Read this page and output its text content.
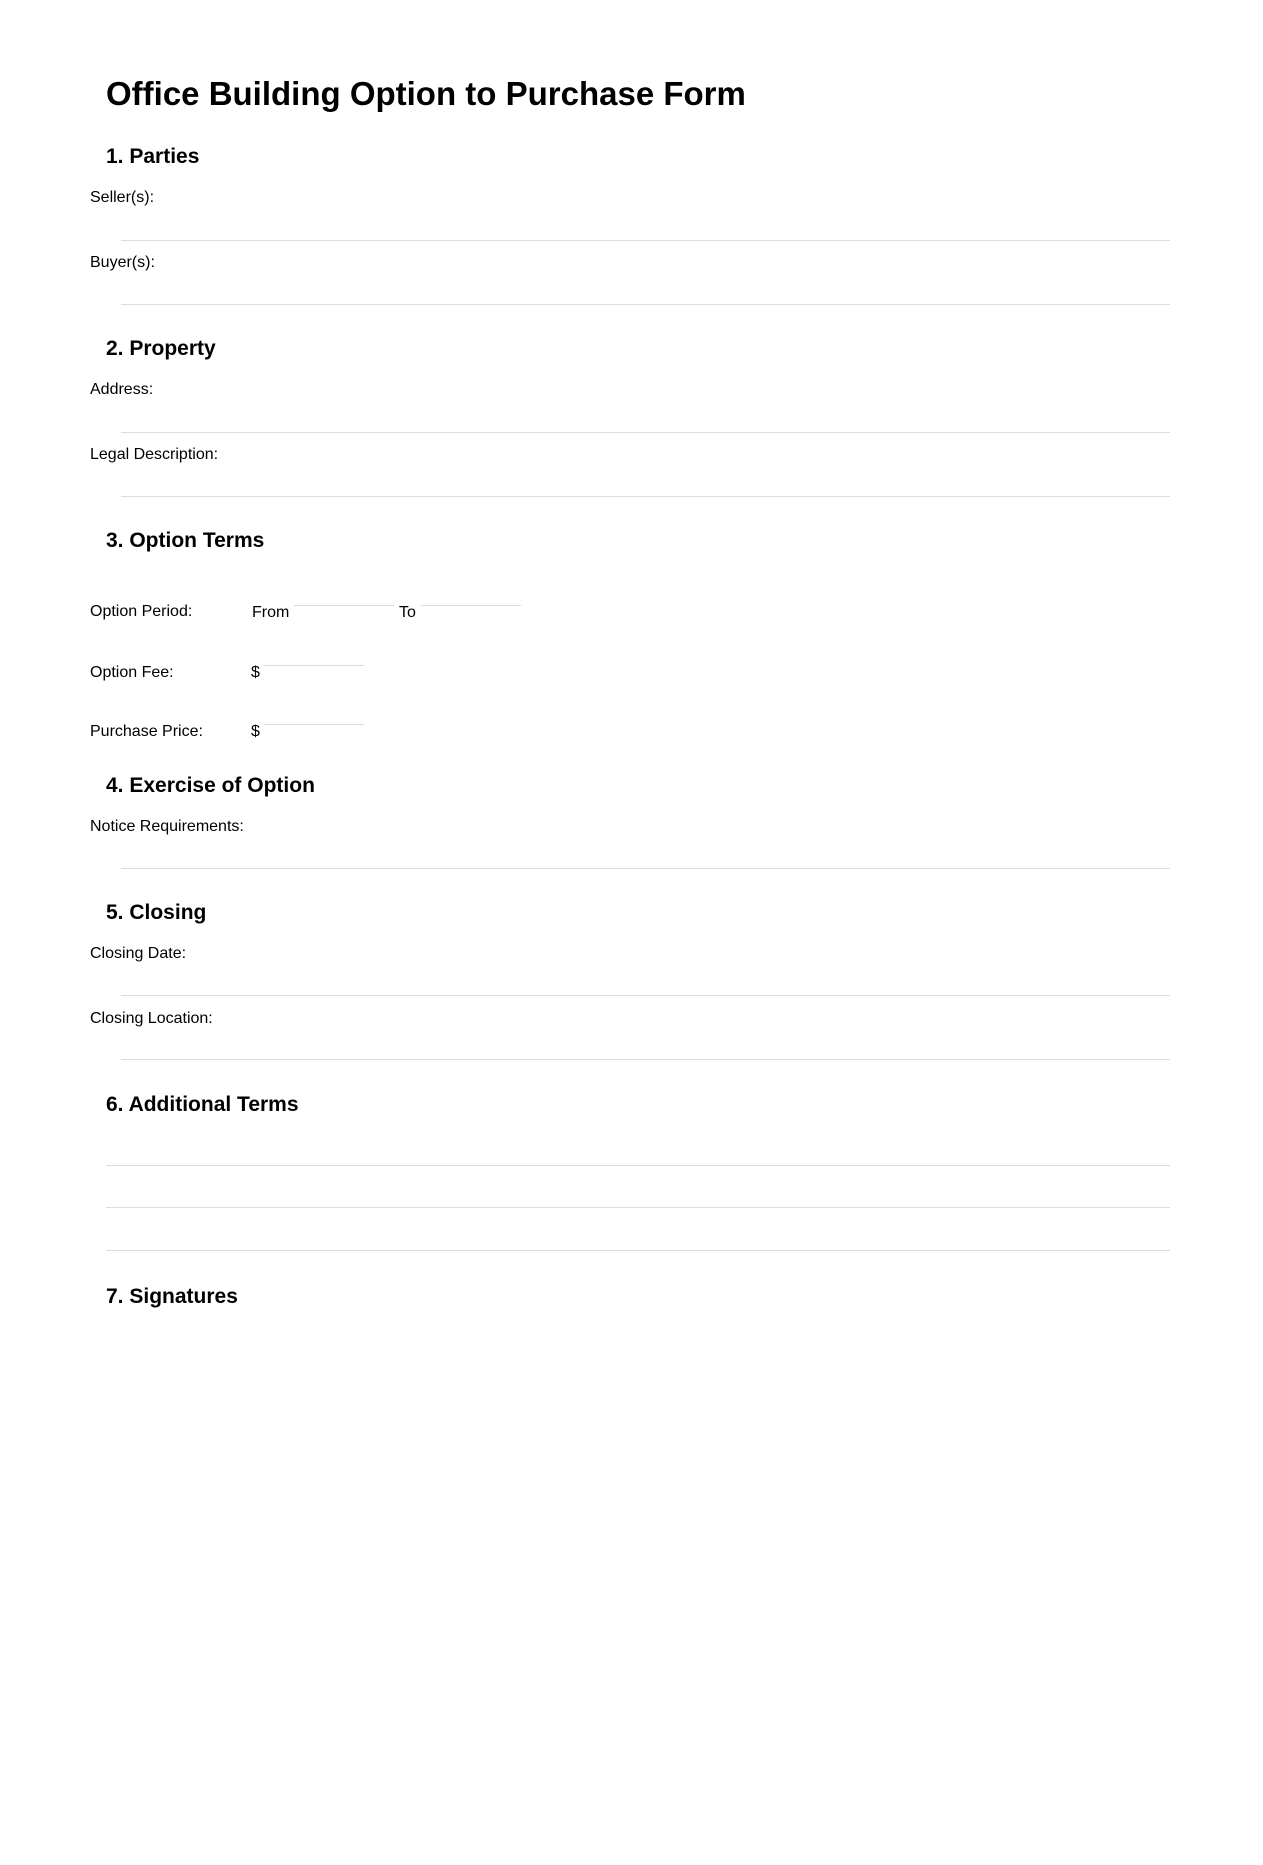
Office Building Option to Purchase Form
1. Parties
Seller(s):
Buyer(s):
2. Property
Address:
Legal Description:
3. Option Terms
Option Period:	From	To
Option Fee:	$
Purchase Price:	$
4. Exercise of Option
Notice Requirements:
5. Closing
Closing Date:
Closing Location:
6. Additional Terms
7. Signatures
